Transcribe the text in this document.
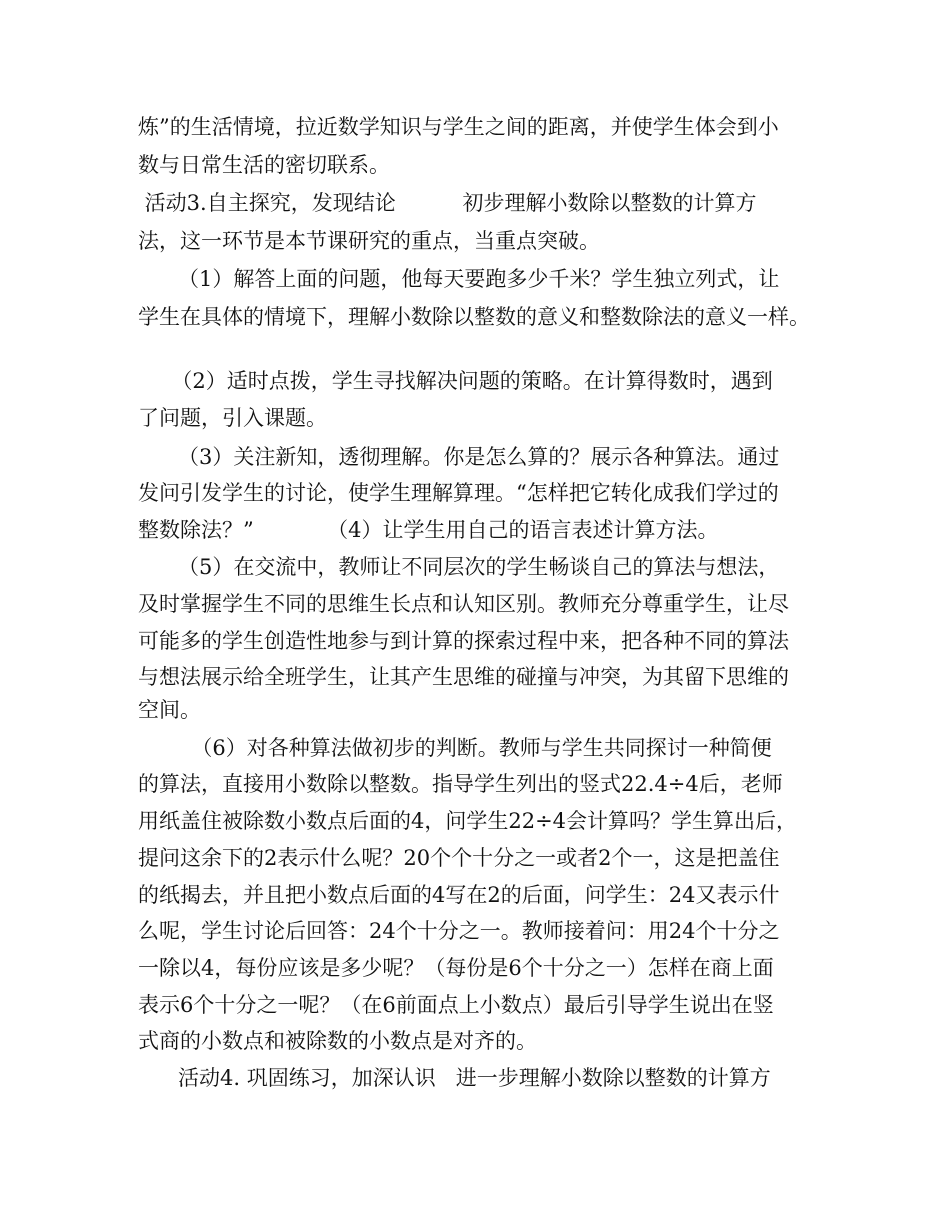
炼”的生活情境，拉近数学知识与学生之间的距离，并使学生体会到小
数与日常生活的密切联系。
活动3.自主探究，发现结论          初步理解小数除以整数的计算方
法，这一环节是本节课研究的重点，当重点突破。
（1）解答上面的问题，他每天要跑多少千米？学生独立列式，让
学生在具体的情境下，理解小数除以整数的意义和整数除法的意义一样。
（2）适时点拨，学生寻找解决问题的策略。在计算得数时，遇到
了问题，引入课题。
（3）关注新知，透彻理解。你是怎么算的？展示各种算法。通过
发问引发学生的讨论，使学生理解算理。“怎样把它转化成我们学过的
整数除法？”           （4）让学生用自己的语言表述计算方法。
（5）在交流中，教师让不同层次的学生畅谈自己的算法与想法，
及时掌握学生不同的思维生长点和认知区别。教师充分尊重学生，让尽
可能多的学生创造性地参与到计算的探索过程中来，把各种不同的算法
与想法展示给全班学生，让其产生思维的碰撞与冲突，为其留下思维的
空间。
（6）对各种算法做初步的判断。教师与学生共同探讨一种简便
的算法，直接用小数除以整数。指导学生列出的竖式22.4÷4后，老师
用纸盖住被除数小数点后面的4，问学生22÷4会计算吗？学生算出后，
提问这余下的2表示什么呢？20个个十分之一或者2个一，这是把盖住
的纸揭去，并且把小数点后面的4写在2的后面，问学生：24又表示什
么呢，学生讨论后回答：24个十分之一。教师接着问：用24个十分之
一除以4，每份应该是多少呢？（每份是6个十分之一）怎样在商上面
表示6个十分之一呢？（在6前面点上小数点）最后引导学生说出在竖
式商的小数点和被除数的小数点是对齐的。
活动4. 巩固练习，加深认识   进一步理解小数除以整数的计算方
